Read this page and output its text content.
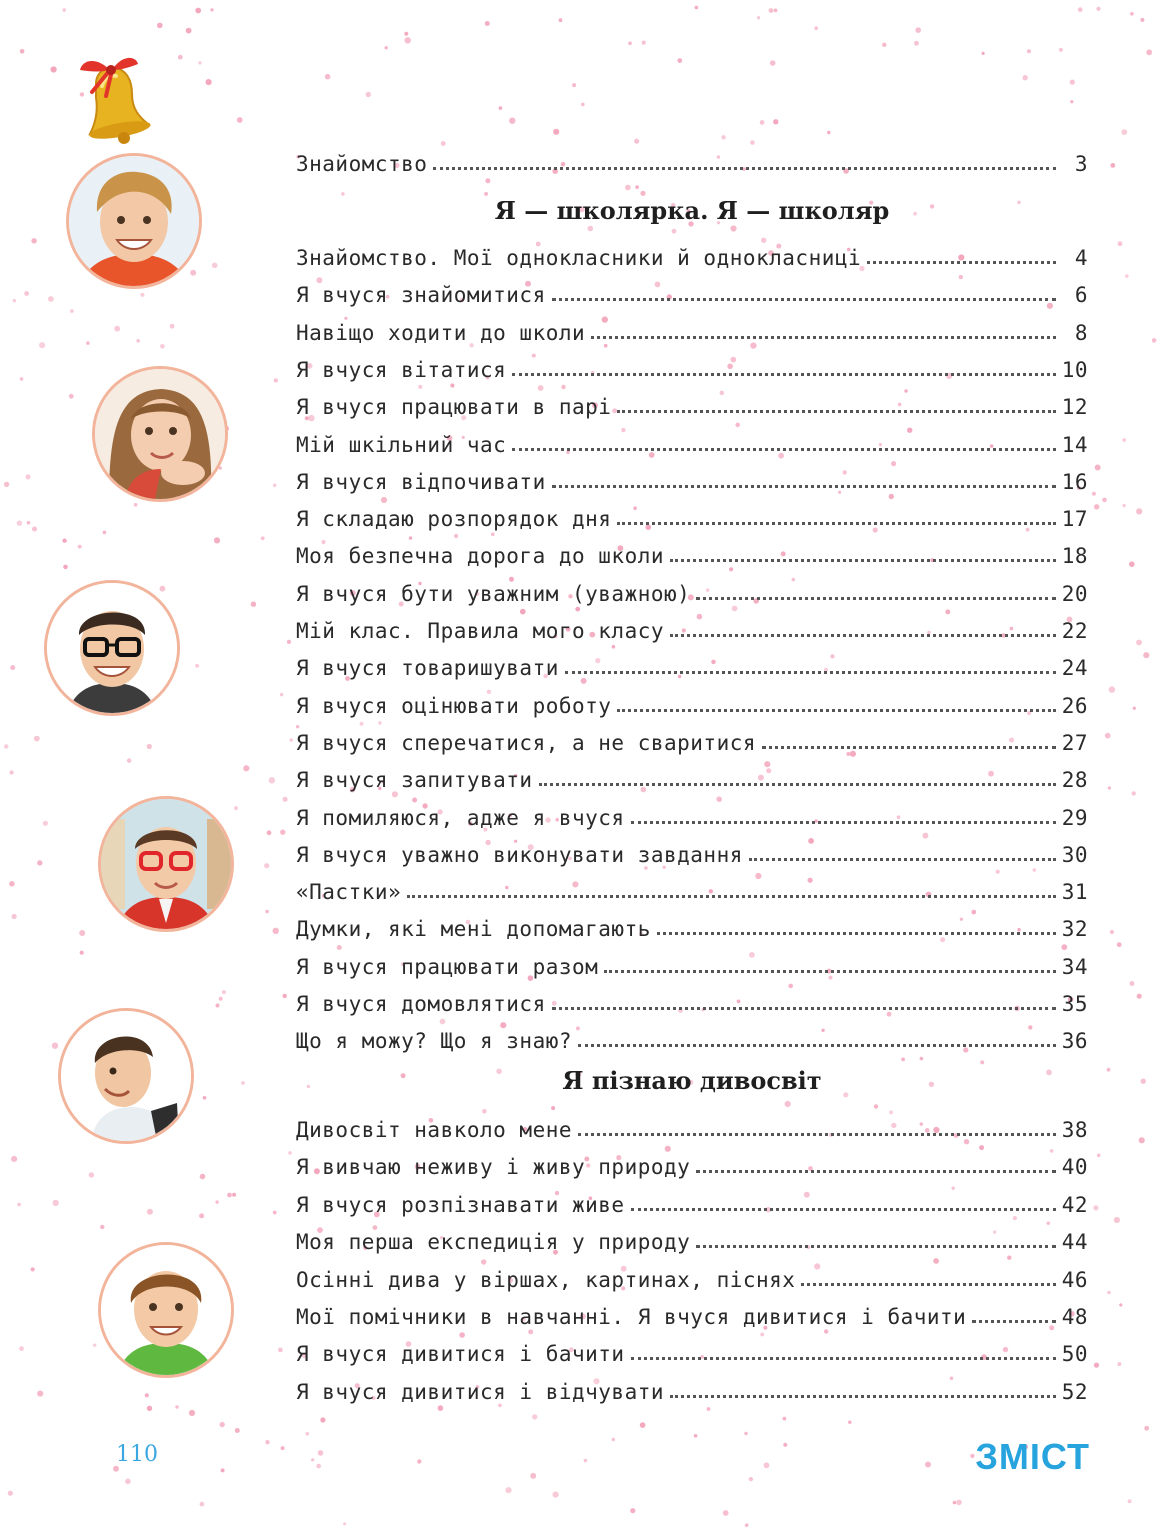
110	ЗМІСТ
Знайомство	3
Я — школярка. Я — школяр
Знайомство. Мої однокласники й однокласниці	4
Я вчуся знайомитися	6
Навіщо ходити до школи	8
Я вчуся вітатися	10
Я вчуся працювати в парі	12
Мій шкільний час	14
Я вчуся відпочивати	16
Я складаю розпорядок дня	17
Моя безпечна дорога до школи	18
Я вчуся бути уважним (уважною)	20
Мій клас. Правила мого класу	22
Я вчуся товаришувати	24
Я вчуся оцінювати роботу	26
Я вчуся сперечатися, а не сваритися	27
Я вчуся запитувати	28
Я помиляюся, адже я вчуся	29
Я вчуся уважно виконувати завдання	30
«Пастки»	31
Думки, які мені допомагають	32
Я вчуся працювати разом	34
Я вчуся домовлятися	35
Що я можу? Що я знаю?	36
Я пізнаю дивосвіт
Дивосвіт навколо мене	38
Я вивчаю неживу і живу природу	40
Я вчуся розпізнавати живе	42
Моя перша експедиція у природу	44
Осінні дива у віршах, картинах, піснях	46
Мої помічники в навчанні. Я вчуся дивитися і бачити	48
Я вчуся дивитися і бачити	50
Я вчуся дивитися і відчувати	52
